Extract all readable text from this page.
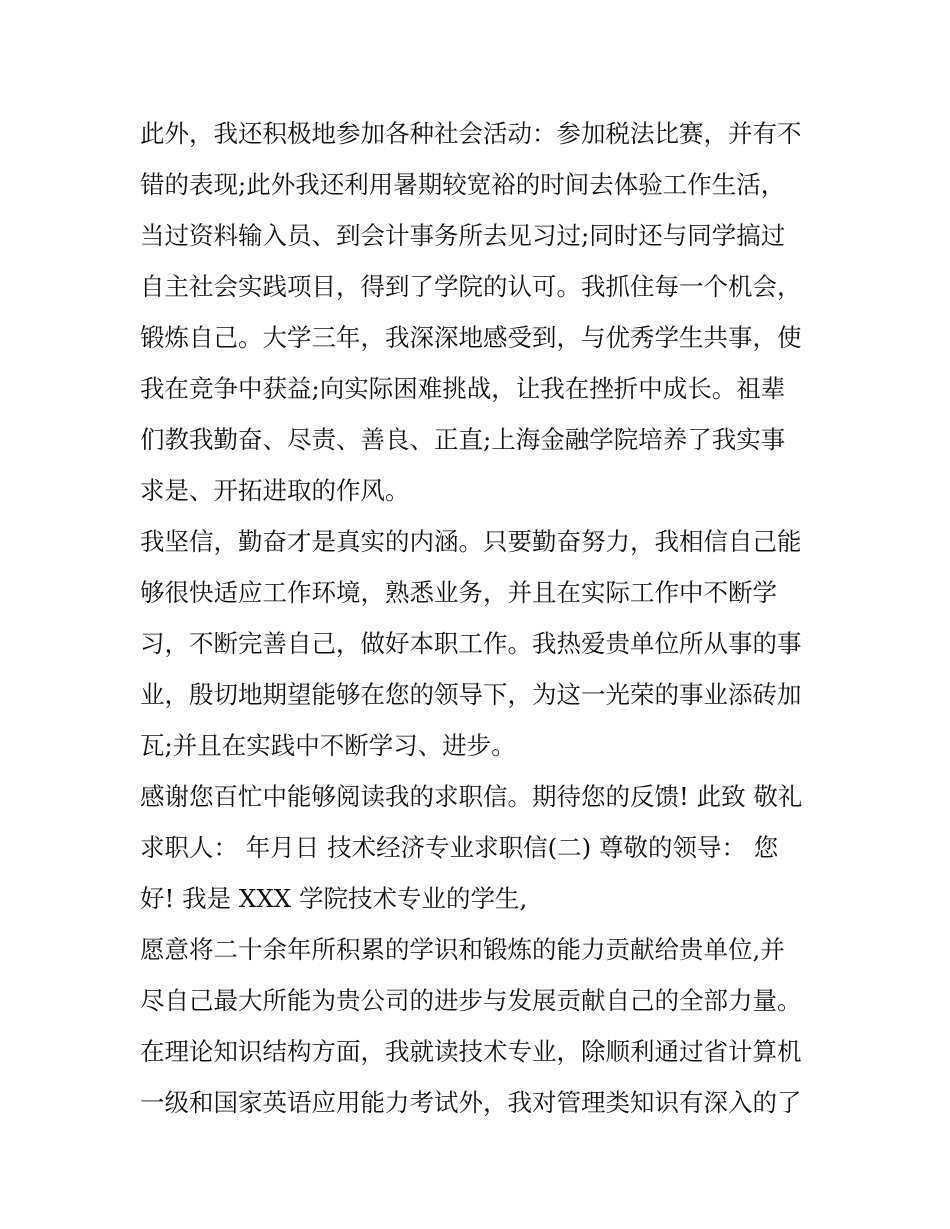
此外，我还积极地参加各种社会活动：参加税法比赛，并有不
错的表现;此外我还利用暑期较宽裕的时间去体验工作生活，
当过资料输入员、到会计事务所去见习过;同时还与同学搞过
自主社会实践项目，得到了学院的认可。我抓住每一个机会，
锻炼自己。大学三年，我深深地感受到，与优秀学生共事，使
我在竞争中获益;向实际困难挑战，让我在挫折中成长。祖辈
们教我勤奋、尽责、善良、正直;上海金融学院培养了我实事
求是、开拓进取的作风。
我坚信，勤奋才是真实的内涵。只要勤奋努力，我相信自己能
够很快适应工作环境，熟悉业务，并且在实际工作中不断学
习，不断完善自己，做好本职工作。我热爱贵单位所从事的事
业，殷切地期望能够在您的领导下，为这一光荣的事业添砖加
瓦;并且在实践中不断学习、进步。
感谢您百忙中能够阅读我的求职信。期待您的反馈! 此致 敬礼
求职人： 年月日 技术经济专业求职信(二) 尊敬的领导： 您
好! 我是 XXX 学院技术专业的学生,
愿意将二十余年所积累的学识和锻炼的能力贡献给贵单位,并
尽自己最大所能为贵公司的进步与发展贡献自己的全部力量。
在理论知识结构方面，我就读技术专业，除顺利通过省计算机
一级和国家英语应用能力考试外，我对管理类知识有深入的了
